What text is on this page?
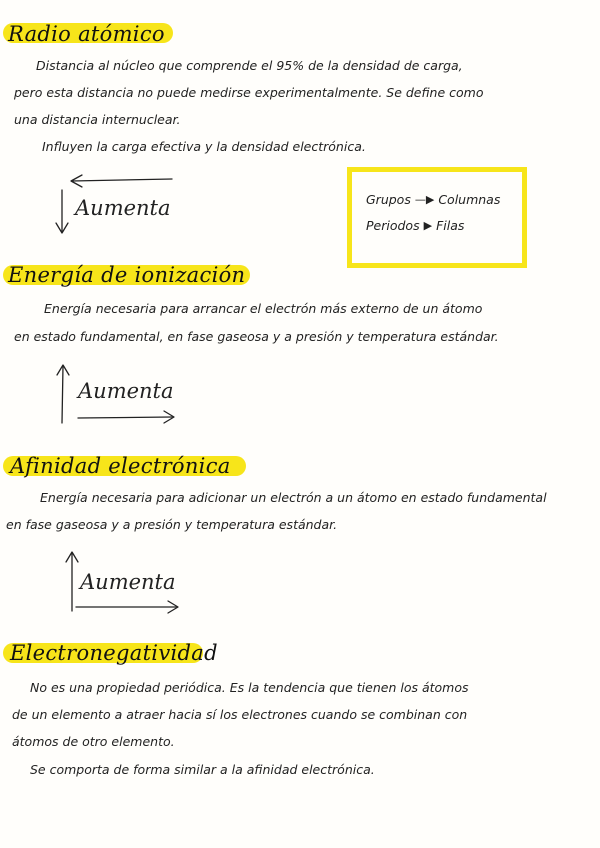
Radio atómico
Distancia al núcleo que comprende el 95% de la densidad de carga,
pero esta distancia no puede medirse experimentalmente. Se define como
una distancia internuclear.
Influyen la carga efectiva y la densidad electrónica.
Aumenta	Grupos —▶ Columnas
Periodos ▶ Filas
Energía de ionización
Energía necesaria para arrancar el electrón más externo de un átomo
en estado fundamental, en fase gaseosa y a presión y temperatura estándar.
Aumenta
Afinidad electrónica
Energía necesaria para adicionar un electrón a un átomo en estado fundamental
en fase gaseosa y a presión y temperatura estándar.
Aumenta
Electronegatividad
No es una propiedad periódica. Es la tendencia que tienen los átomos
de un elemento a atraer hacia sí los electrones cuando se combinan con
átomos de otro elemento.
Se comporta de forma similar a la afinidad electrónica.
